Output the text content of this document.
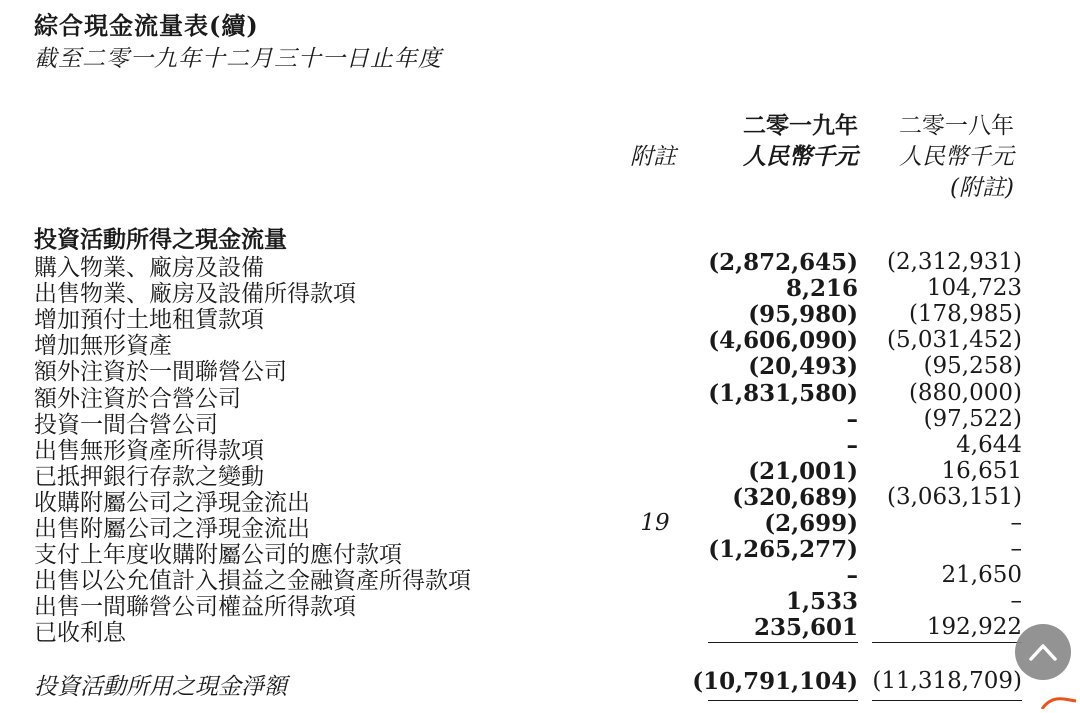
綜合現金流量表(續)
截至二零一九年十二月三十一日止年度
二零一九年 二零一八年
附註	人民幣千元 人民幣千元
(附註)
投資活動所得之現金流量
購入物業、廠房及設備	(2,872,645) (2,312,931)
出售物業、廠房及設備所得款項	8,216	104,723
增加預付土地租賃款項	(95,980) (178,985)
增加無形資產	(4,606,090) (5,031,452)
額外注資於一間聯營公司	(20,493)	(95,258)
額外注資於合營公司	(1,831,580) (880,000)
投資一間合營公司	–	(97,522)
出售無形資產所得款項	–	4,644
已抵押銀行存款之變動	(21,001)	16,651
收購附屬公司之淨現金流出	(320,689) (3,063,151)
出售附屬公司之淨現金流出	19	(2,699)	–
支付上年度收購附屬公司的應付款項	(1,265,277)	–
出售以公允值計入損益之金融資產所得款項	–	21,650
出售一間聯營公司權益所得款項	1,533	–
已收利息	235,601	192,922
投資活動所用之現金淨額	(10,791,104) (11,318,709)
